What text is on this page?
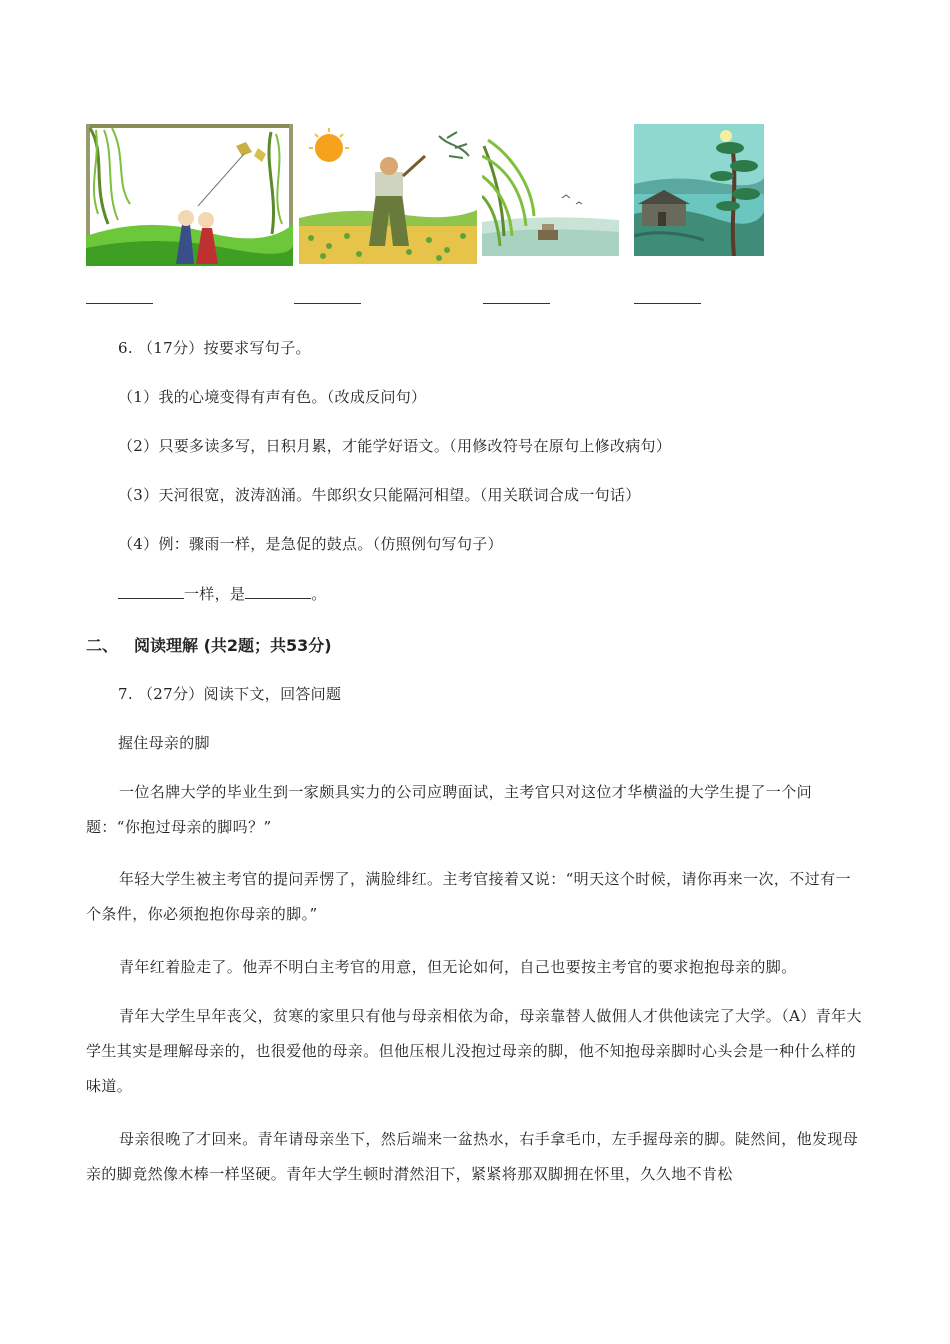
6. （17分）按要求写句子。
（1）我的心境变得有声有色。（改成反问句）
（2）只要多读多写，日积月累，才能学好语文。（用修改符号在原句上修改病句）
（3）天河很宽，波涛汹涌。牛郎织女只能隔河相望。（用关联词合成一句话）
（4）例：骤雨一样，是急促的鼓点。（仿照例句写句子）
一样，是	。
二、 阅读理解 (共2题；共53分)
7. （27分）阅读下文，回答问题
握住母亲的脚
一位名牌大学的毕业生到一家颇具实力的公司应聘面试，主考官只对这位才华横溢的大学生提了一个问题：“你抱过母亲的脚吗？”
年轻大学生被主考官的提问弄愣了，满脸绯红。主考官接着又说：“明天这个时候，请你再来一次，不过有一个条件，你必须抱抱你母亲的脚。”
青年红着脸走了。他弄不明白主考官的用意，但无论如何，自己也要按主考官的要求抱抱母亲的脚。
青年大学生早年丧父，贫寒的家里只有他与母亲相依为命，母亲靠替人做佣人才供他读完了大学。（A）青年大学生其实是理解母亲的，也很爱他的母亲。但他压根儿没抱过母亲的脚，他不知抱母亲脚时心头会是一种什么样的味道。
母亲很晚了才回来。青年请母亲坐下，然后端来一盆热水，右手拿毛巾，左手握母亲的脚。陡然间，他发现母亲的脚竟然像木棒一样坚硬。青年大学生顿时潸然泪下，紧紧将那双脚拥在怀里，久久地不肯松
